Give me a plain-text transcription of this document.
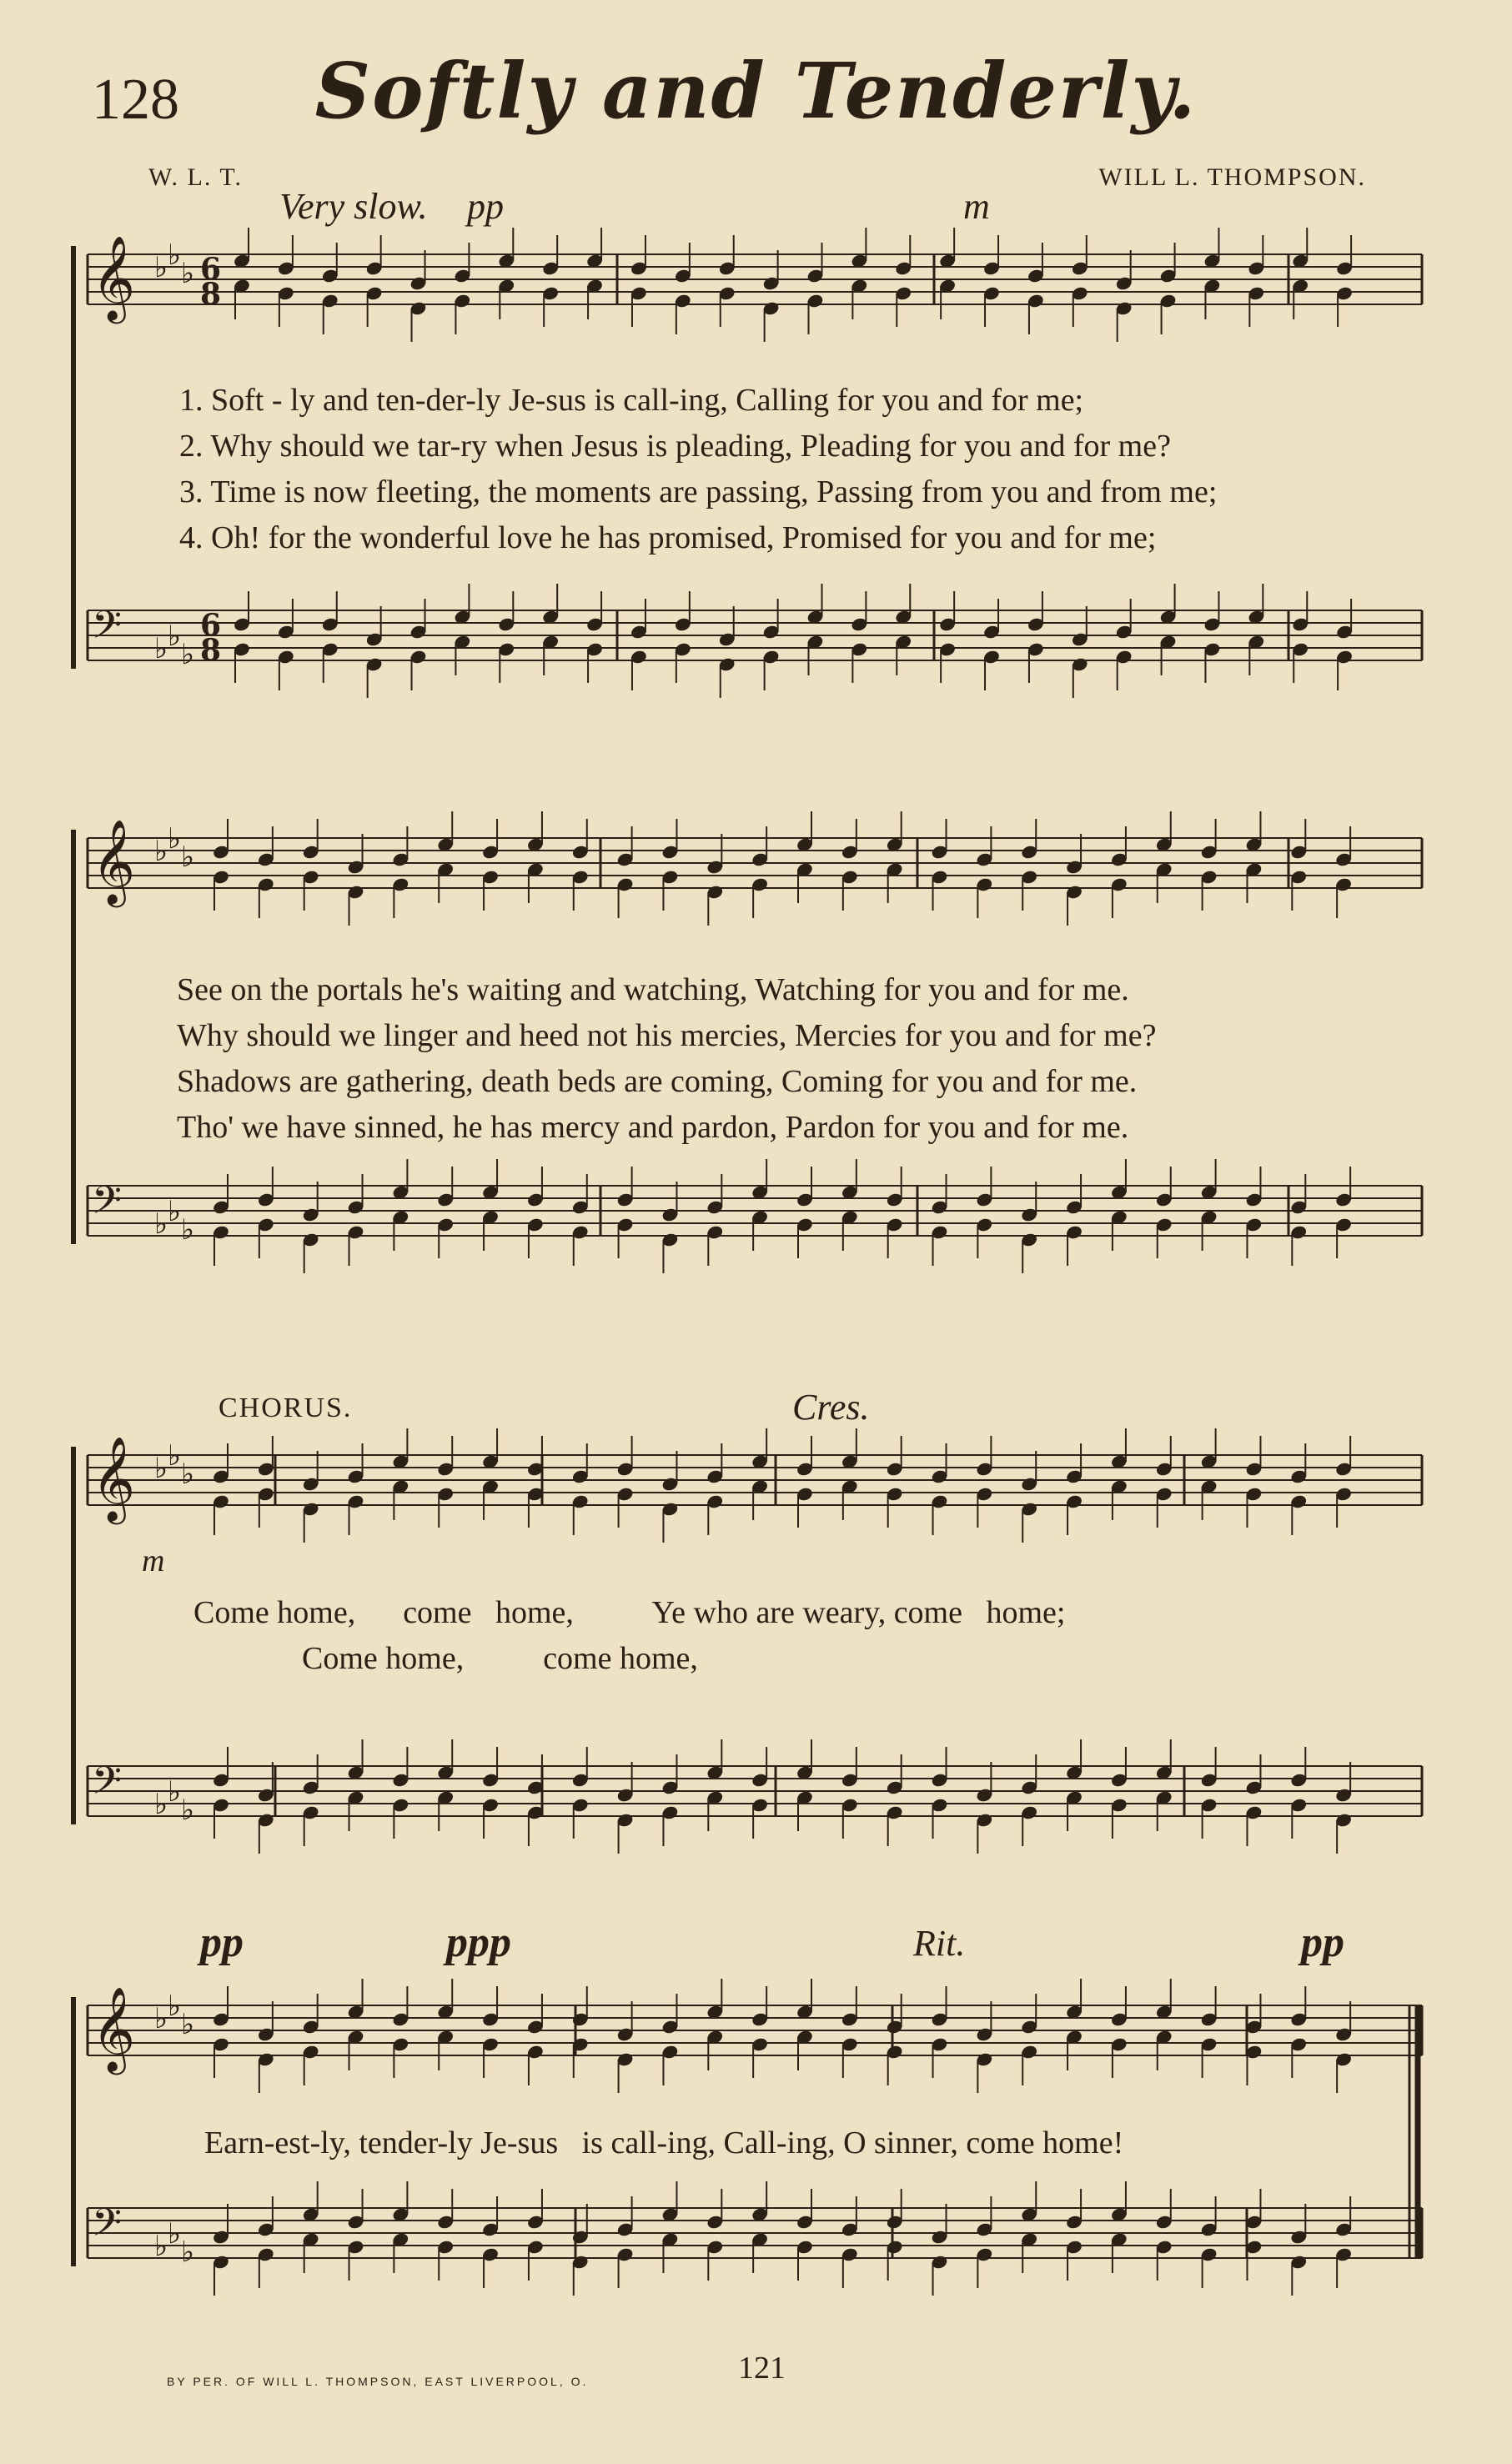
128	Softly and Tenderly.
W. L. T.	WILL L. THOMPSON.
Very slow. pp	m
1. Soft - ly and ten-der-ly Je-sus is call-ing, Calling for you and for me;
2. Why should we tar-ry when Jesus is pleading, Pleading for you and for me?
3. Time is now fleeting, the moments are passing, Passing from you and from me;
4. Oh! for the wonderful love he has promised, Promised for you and for me;
See on the portals he's waiting and watching, Watching for you and for me.
Why should we linger and heed not his mercies, Mercies for you and for me?
Shadows are gathering, death beds are coming, Coming for you and for me.
Tho' we have sinned, he has mercy and pardon, Pardon for you and for me.
CHORUS.	Cres.
m
Come home,      come   home,          Ye who are weary, come   home;
Come home,          come home,
pp	ppp	Rit.	pp
Earn-est-ly, tender-ly Je-sus   is call-ing, Call-ing, O sinner, come home!
BY PER. OF WILL L. THOMPSON, EAST LIVERPOOL, O.	121
𝄞 ♭ ♭
♭ 6
8
𝄢 ♭ ♭
♭
6
8
𝄞 ♭ ♭
♭
𝄢 ♭ ♭
♭
𝄞 ♭ ♭
♭
𝄢 ♭ ♭
♭
𝄞 ♭ ♭
♭
𝄢 ♭ ♭
♭
